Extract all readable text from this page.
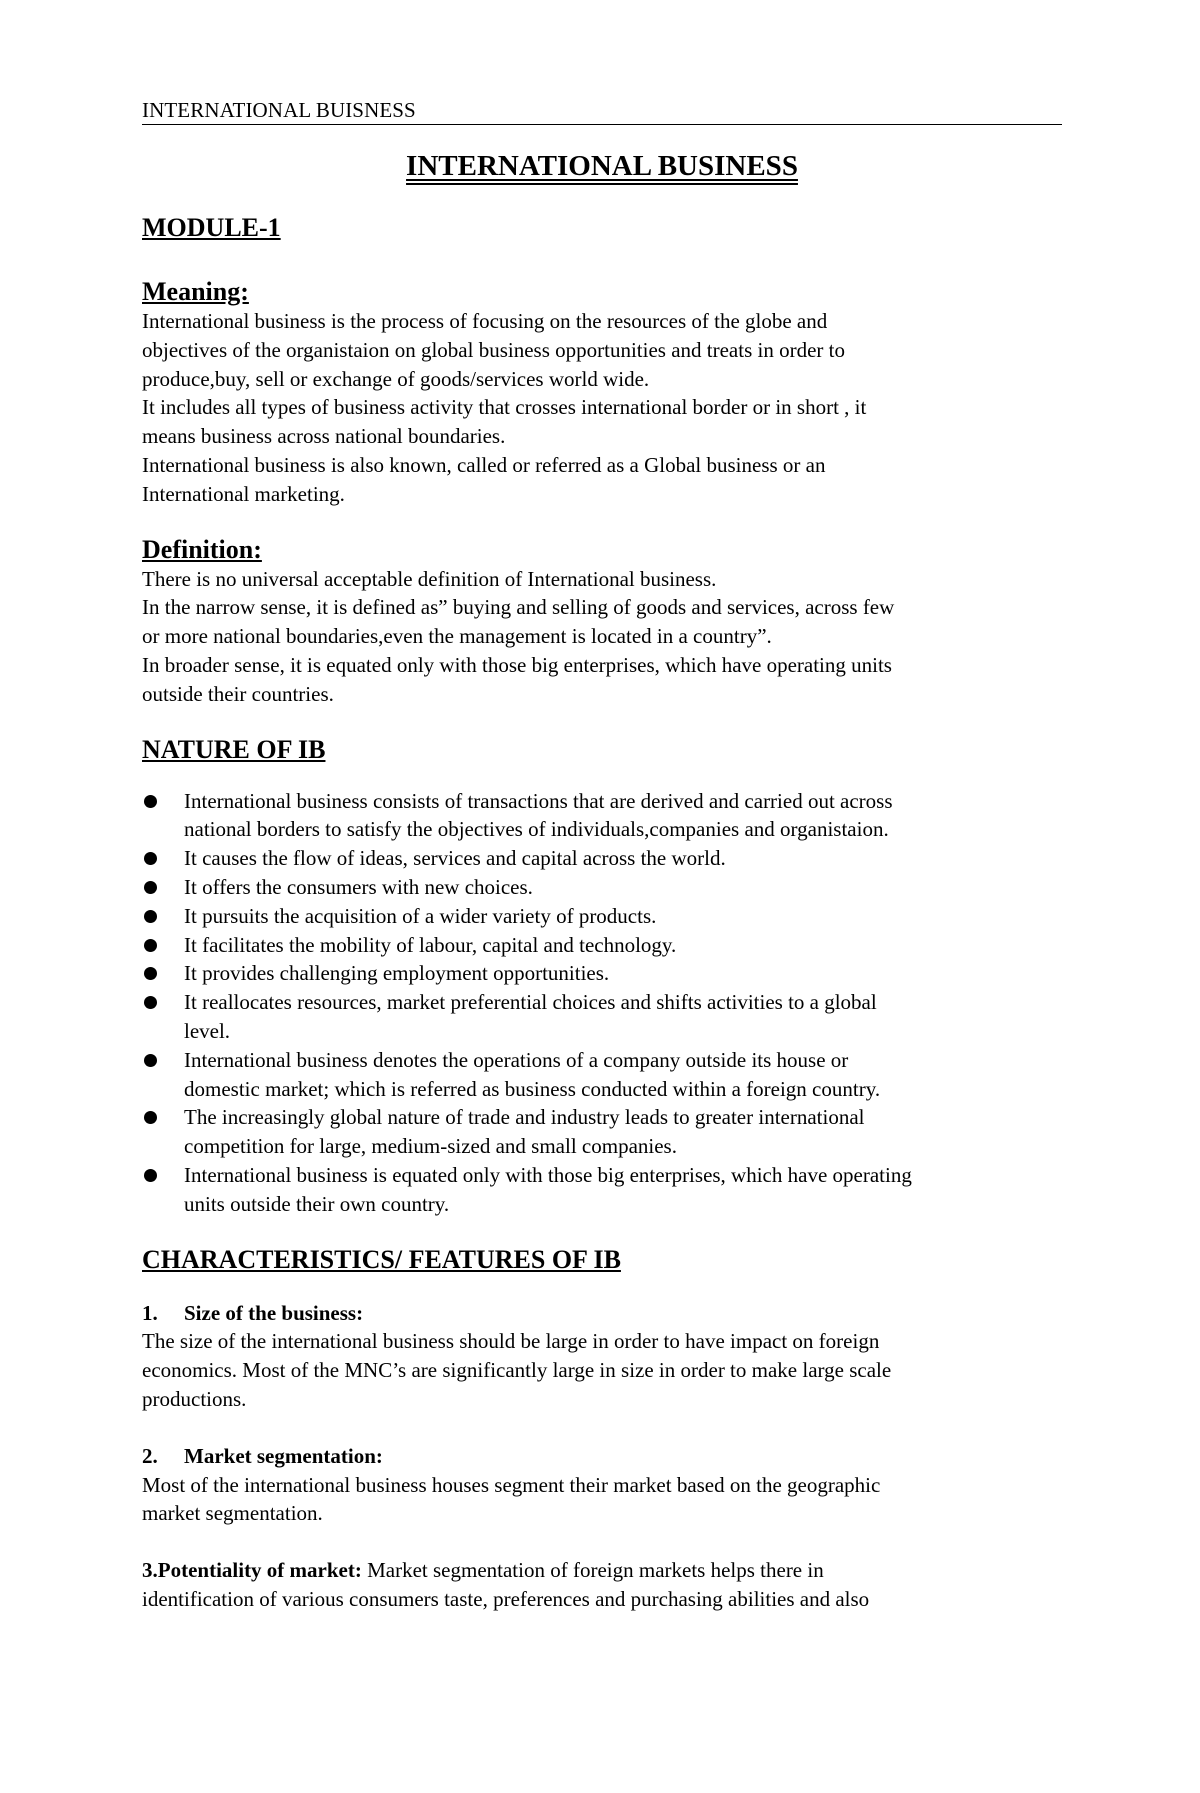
INTERNATIONAL BUISNESS
INTERNATIONAL BUSINESS
MODULE-1
Meaning:
International business is the process of focusing on the resources of the globe and
objectives of the organistaion on global business opportunities and treats in order to
produce,buy, sell or exchange of goods/services world wide.
It includes all types of business activity that crosses international border or in short , it
means business across national boundaries.
International business is also known, called or referred as a Global business or an
International marketing.
Definition:
There is no universal acceptable definition of International business.
In the narrow sense, it is defined as” buying and selling of goods and services, across few
or more national boundaries,even the management is located in a country”.
In broader sense, it is equated only with those big enterprises, which have operating units
outside their countries.
NATURE OF IB
International business consists of transactions that are derived and carried out across
national borders to satisfy the objectives of individuals,companies and organistaion.
It causes the flow of ideas, services and capital across the world.
It offers the consumers with new choices.
It pursuits the acquisition of a wider variety of products.
It facilitates the mobility of labour, capital and technology.
It provides challenging employment opportunities.
It reallocates resources, market preferential choices and shifts activities to a global
level.
International business denotes the operations of a company outside its house or
domestic market; which is referred as business conducted within a foreign country.
The increasingly global nature of trade and industry leads to greater international
competition for large, medium-sized and small companies.
International business is equated only with those big enterprises, which have operating
units outside their own country.
CHARACTERISTICS/ FEATURES OF IB
1. Size of the business:
The size of the international business should be large in order to have impact on foreign
economics. Most of the MNC’s are significantly large in size in order to make large scale
productions.
2. Market segmentation:
Most of the international business houses segment their market based on the geographic
market segmentation.
3.Potentiality of market: Market segmentation of foreign markets helps there in
identification of various consumers taste, preferences and purchasing abilities and also
